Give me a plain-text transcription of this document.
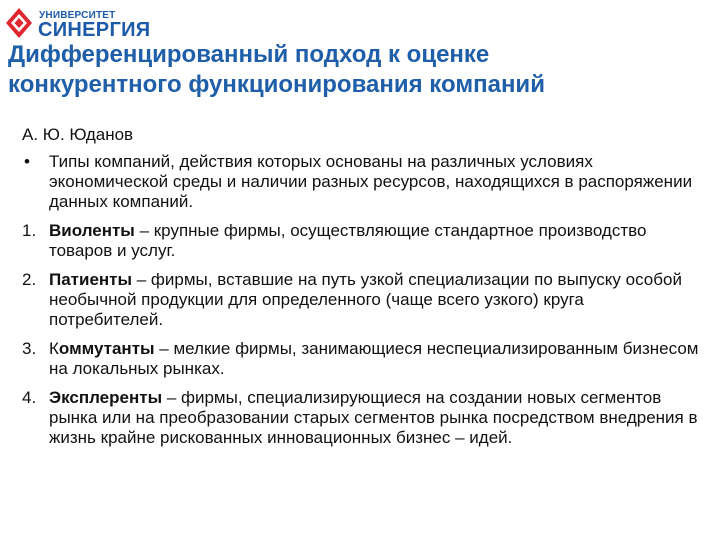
УНИВЕРСИТЕТ
СИНЕРГИЯ
Дифференцированный подход к оценке
конкурентного функционирования компаний

А. Ю. Юданов

• Типы компаний, действия которых основаны на различных условиях экономической среды и наличии разных ресурсов, находящихся в распоряжении данных компаний.
1. Виоленты – крупные фирмы, осуществляющие стандартное производство товаров и услуг.
2. Патиенты – фирмы, вставшие на путь узкой специализации по выпуску особой необычной продукции для определенного (чаще всего узкого) круга потребителей.
3. Коммутанты – мелкие фирмы, занимающиеся неспециализированным бизнесом на локальных рынках.
4. Эксплеренты – фирмы, специализирующиеся на создании новых сегментов рынка или на преобразовании старых сегментов рынка посредством внедрения в жизнь крайне рискованных инновационных бизнес – идей.
